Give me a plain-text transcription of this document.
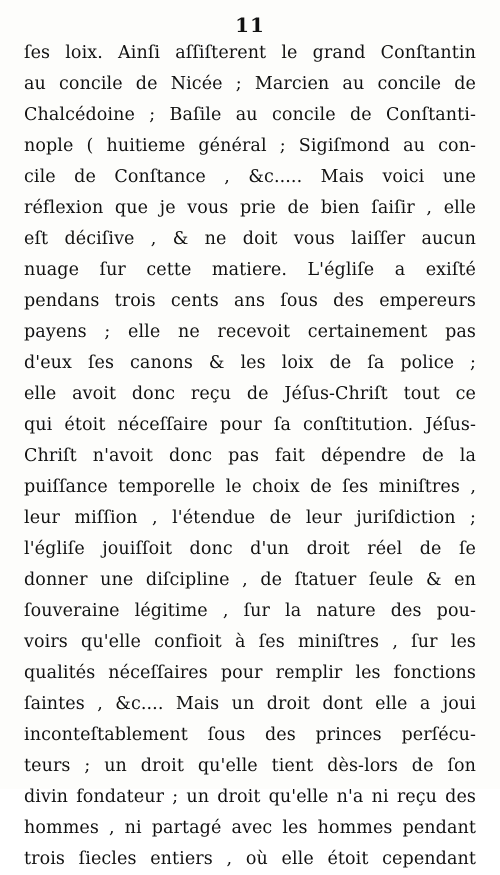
11
ſes loix. Ainſi aſſiſterent le grand Conſtantin
au concile de Nicée ; Marcien au concile de
Chalcédoine ; Baſile au concile de Conſtanti-
nople ( huitieme général ; Sigiſmond au con-
cile de Conſtance , &c..... Mais voici une
réflexion que je vous prie de bien ſaiſir , elle
eſt déciſive , & ne doit vous laiſſer aucun
nuage ſur cette matiere. L'égliſe a exiſté
pendans trois cents ans ſous des empereurs
payens ; elle ne recevoit certainement pas
d'eux ſes canons & les loix de ſa police ;
elle avoit donc reçu de Jéſus-Chriſt tout ce
qui étoit néceſſaire pour ſa conſtitution. Jéſus-
Chriſt n'avoit donc pas fait dépendre de la
puiſſance temporelle le choix de ſes miniſtres ,
leur miſſion , l'étendue de leur juriſdiction ;
l'égliſe jouiſſoit donc d'un droit réel de ſe
donner une diſcipline , de ſtatuer ſeule & en
ſouveraine légitime , ſur la nature des pou-
voirs qu'elle confioit à ſes miniſtres , ſur les
qualités néceſſaires pour remplir les fonctions
ſaintes , &c.... Mais un droit dont elle a joui
inconteſtablement ſous des princes perſécu-
teurs ; un droit qu'elle tient dès-lors de ſon
divin fondateur ; un droit qu'elle n'a ni reçu des
hommes , ni partagé avec les hommes pendant
trois ſiecles entiers , où elle étoit cependant
